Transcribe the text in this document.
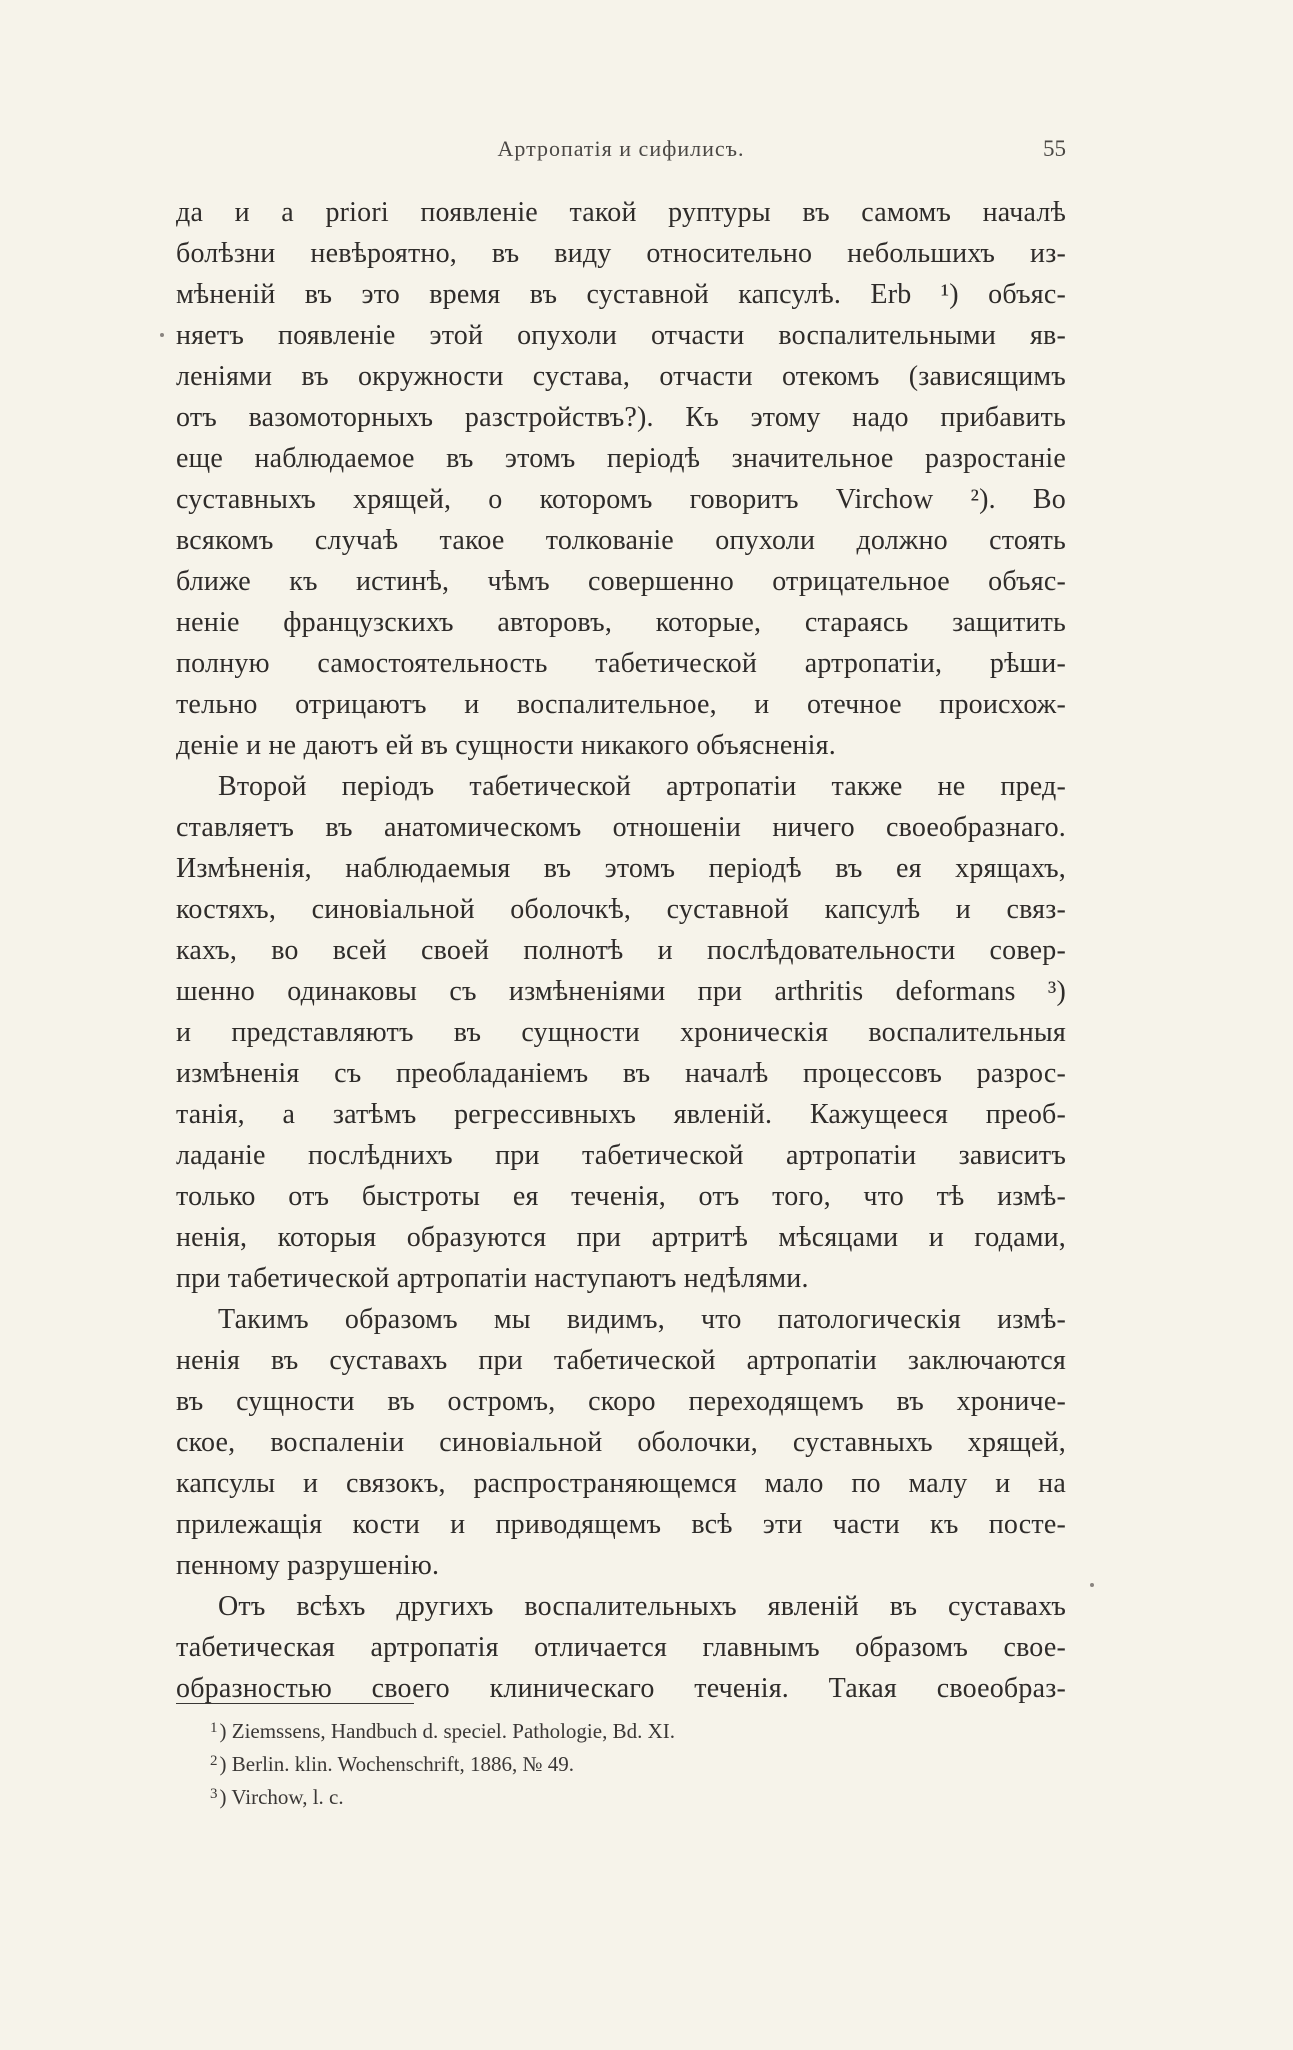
Артропатія и сифилисъ.	55
да и a priori появленіе такой руптуры въ самомъ началѣ
болѣзни невѣроятно, въ виду относительно небольшихъ из-
мѣненій въ это время въ суставной капсулѣ. Erb ¹) объяс-
няетъ появленіе этой опухоли отчасти воспалительными яв-
леніями въ окружности сустава, отчасти отекомъ (зависящимъ
отъ вазомоторныхъ разстройствъ?). Къ этому надо прибавить
еще наблюдаемое въ этомъ періодѣ значительное разростаніе
суставныхъ хрящей, о которомъ говоритъ Virchow ²). Во
всякомъ случаѣ такое толкованіе опухоли должно стоять
ближе къ истинѣ, чѣмъ совершенно отрицательное объяс-
неніе французскихъ авторовъ, которые, стараясь защитить
полную самостоятельность табетической артропатіи, рѣши-
тельно отрицаютъ и воспалительное, и отечное происхож-
деніе и не даютъ ей въ сущности никакого объясненія.
Второй періодъ табетической артропатіи также не пред-
ставляетъ въ анатомическомъ отношеніи ничего своеобразнаго.
Измѣненія, наблюдаемыя въ этомъ періодѣ въ ея хрящахъ,
костяхъ, синовіальной оболочкѣ, суставной капсулѣ и связ-
кахъ, во всей своей полнотѣ и послѣдовательности совер-
шенно одинаковы съ измѣненіями при arthritis deformans ³)
и представляютъ въ сущности хроническія воспалительныя
измѣненія съ преобладаніемъ въ началѣ процессовъ разрос-
танія, а затѣмъ регрессивныхъ явленій. Кажущееся преоб-
ладаніе послѣднихъ при табетической артропатіи зависитъ
только отъ быстроты ея теченія, отъ того, что тѣ измѣ-
ненія, которыя образуются при артритѣ мѣсяцами и годами,
при табетической артропатіи наступаютъ недѣлями.
Такимъ образомъ мы видимъ, что патологическія измѣ-
ненія въ суставахъ при табетической артропатіи заключаются
въ сущности въ остромъ, скоро переходящемъ въ хрониче-
ское, воспаленіи синовіальной оболочки, суставныхъ хрящей,
капсулы и связокъ, распространяющемся мало по малу и на
прилежащія кости и приводящемъ всѣ эти части къ посте-
пенному разрушенію.
Отъ всѣхъ другихъ воспалительныхъ явленій въ суставахъ
табетическая артропатія отличается главнымъ образомъ свое-
образностью своего клиническаго теченія. Такая своеобраз-
$^1$) Ziemssens, Handbuch d. speciel. Pathologie, Bd. XI.
$^2$) Berlin. klin. Wochenschrift, 1886, № 49.
$^3$) Virchow, l. c.
